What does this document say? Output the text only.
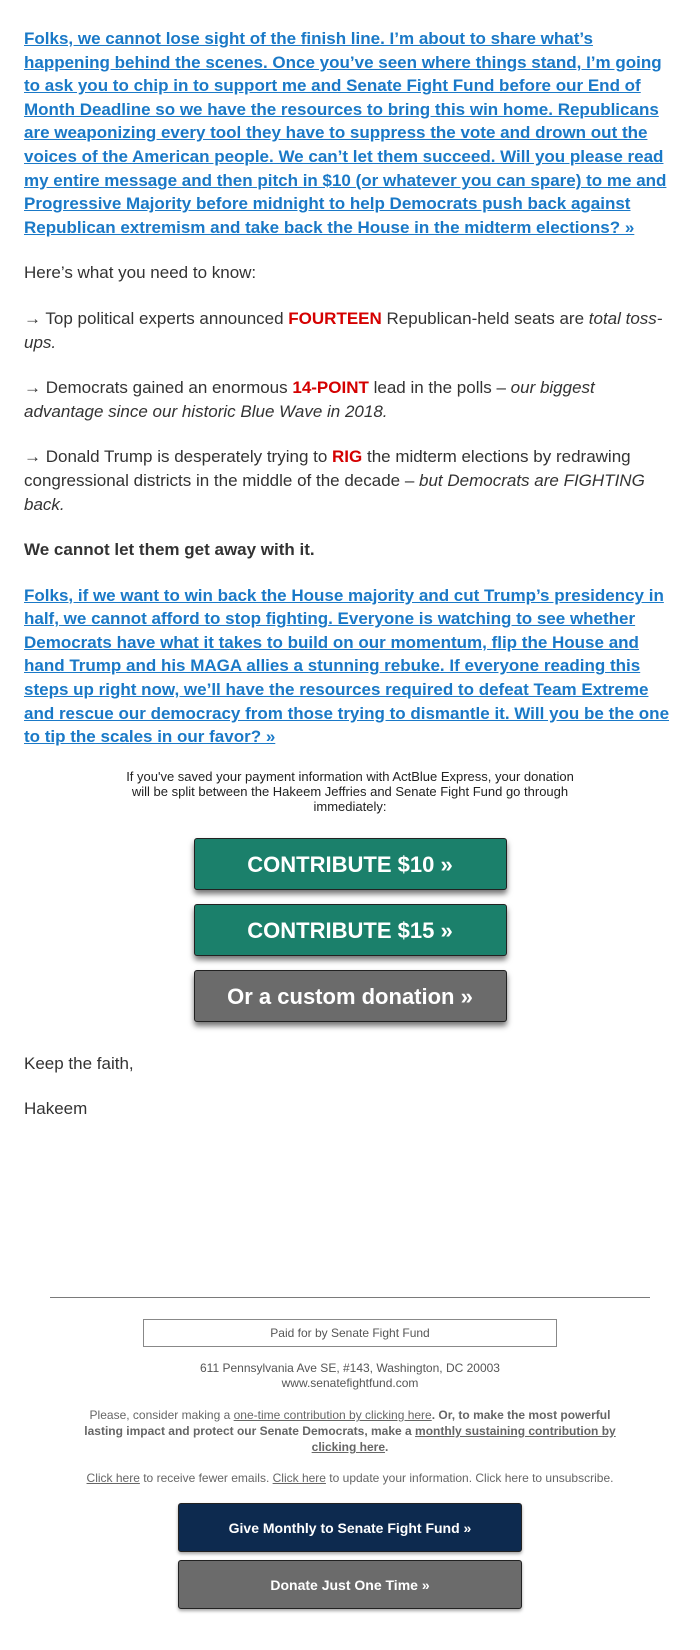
Folks, we cannot lose sight of the finish line. I’m about to share what’s happening behind the scenes. Once you’ve seen where things stand, I’m going to ask you to chip in to support me and Senate Fight Fund before our End of Month Deadline so we have the resources to bring this win home. Republicans are weaponizing every tool they have to suppress the vote and drown out the voices of the American people. We can’t let them succeed. Will you please read my entire message and then pitch in $10 (or whatever you can spare) to me and Progressive Majority before midnight to help Democrats push back against Republican extremism and take back the House in the midterm elections? »

Here’s what you need to know:

→ Top political experts announced FOURTEEN Republican-held seats are total toss-ups.

→ Democrats gained an enormous 14-POINT lead in the polls – our biggest advantage since our historic Blue Wave in 2018.

→ Donald Trump is desperately trying to RIG the midterm elections by redrawing congressional districts in the middle of the decade – but Democrats are FIGHTING back.

We cannot let them get away with it.

Folks, if we want to win back the House majority and cut Trump’s presidency in half, we cannot afford to stop fighting. Everyone is watching to see whether Democrats have what it takes to build on our momentum, flip the House and hand Trump and his MAGA allies a stunning rebuke. If everyone reading this steps up right now, we’ll have the resources required to defeat Team Extreme and rescue our democracy from those trying to dismantle it. Will you be the one to tip the scales in our favor? »

If you've saved your payment information with ActBlue Express, your donation will be split between the Hakeem Jeffries and Senate Fight Fund go through immediately:

CONTRIBUTE $10 »
CONTRIBUTE $15 »
Or a custom donation »

Keep the faith,

Hakeem

Paid for by Senate Fight Fund
611 Pennsylvania Ave SE, #143, Washington, DC 20003
www.senatefightfund.com
Please, consider making a one-time contribution by clicking here. Or, to make the most powerful lasting impact and protect our Senate Democrats, make a monthly sustaining contribution by clicking here.
Click here to receive fewer emails. Click here to update your information. Click here to unsubscribe.
Give Monthly to Senate Fight Fund »
Donate Just One Time »
